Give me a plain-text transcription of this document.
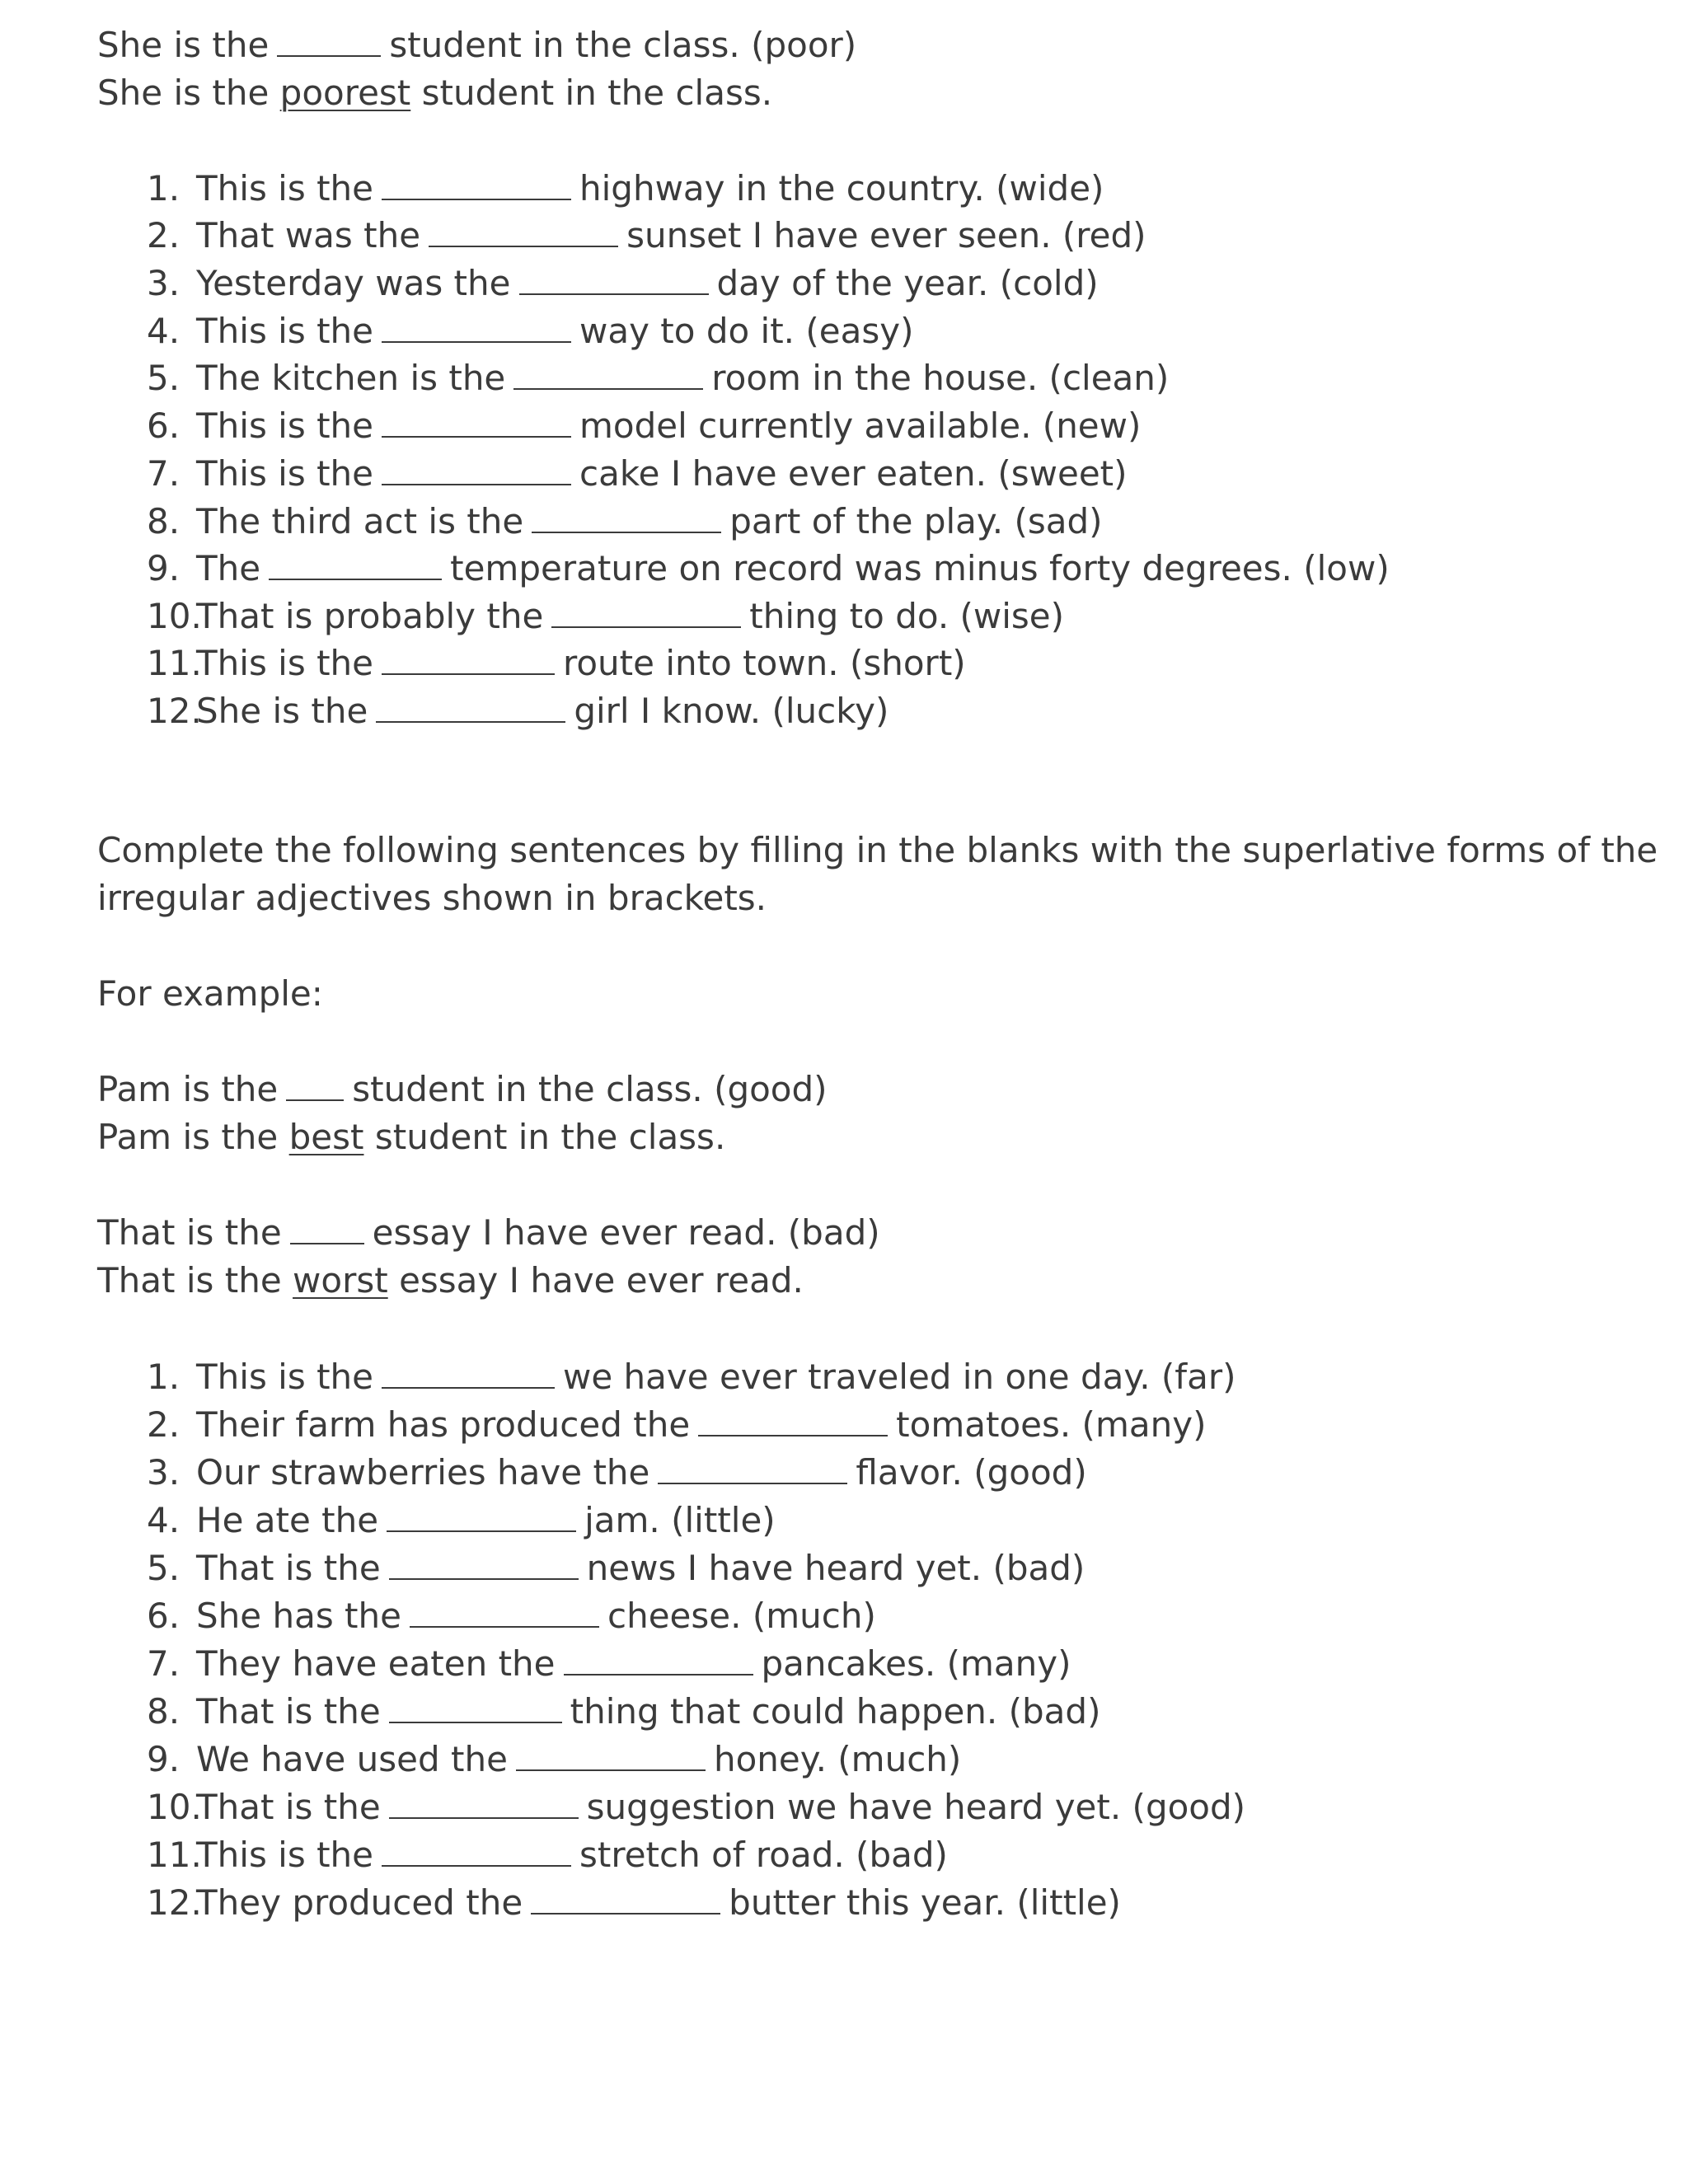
She is the	student in the class. (poor)
She is the poorest student in the class.
1. This is the	highway in the country. (wide)
2. That was the	sunset I have ever seen. (red)
3. Yesterday was the	day of the year. (cold)
4. This is the	way to do it. (easy)
5. The kitchen is the	room in the house. (clean)
6. This is the	model currently available. (new)
7. This is the	cake I have ever eaten. (sweet)
8. The third act is the	part of the play. (sad)
9. The	temperature on record was minus forty degrees. (low)
10.That is probably the	thing to do. (wise)
11.This is the	route into town. (short)
12.She is the	girl I know. (lucky)
Complete the following sentences by filling in the blanks with the superlative forms of the
irregular adjectives shown in brackets.
For example:
Pam is the student in the class. (good)
Pam is the best student in the class.
That is the	essay I have ever read. (bad)
That is the worst essay I have ever read.
1. This is the	we have ever traveled in one day. (far)
2. Their farm has produced the	tomatoes. (many)
3. Our strawberries have the	flavor. (good)
4. He ate the	jam. (little)
5. That is the	news I have heard yet. (bad)
6. She has the	cheese. (much)
7. They have eaten the	pancakes. (many)
8. That is the	thing that could happen. (bad)
9. We have used the	honey. (much)
10.That is the	suggestion we have heard yet. (good)
11.This is the	stretch of road. (bad)
12.They produced the	butter this year. (little)
